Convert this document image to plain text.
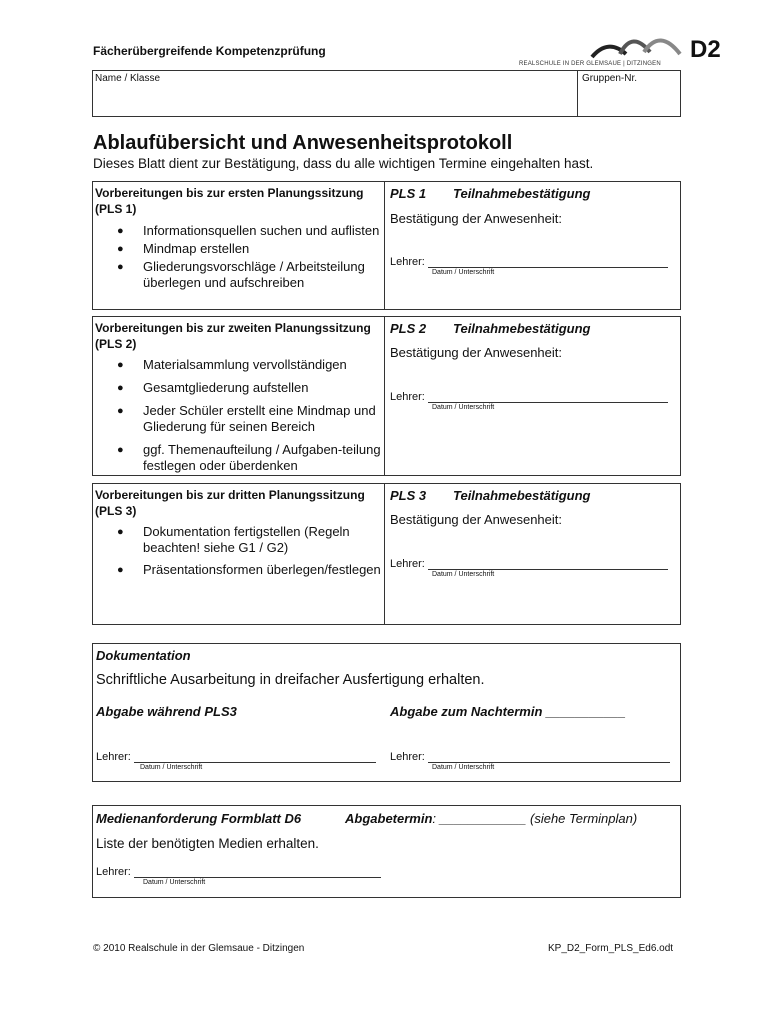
Fächerübergreifende Kompetenzprüfung
REALSCHULE IN DER GLEMSAUE | DITZINGEN
D2
Name / Klasse	Gruppen-Nr.
Ablaufübersicht und Anwesenheitsprotokoll
Dieses Blatt dient zur Bestätigung, dass du alle wichtigen Termine eingehalten hast.
Vorbereitungen bis zur ersten Planungssitzung (PLS 1)
● Informationsquellen suchen und auflisten
● Mindmap erstellen
● Gliederungsvorschläge / Arbeitsteilung überlegen und aufschreiben
PLS 1 Teilnahmebestätigung
Bestätigung der Anwesenheit:
Lehrer:
Datum / Unterschrift
Vorbereitungen bis zur zweiten Planungssitzung (PLS 2)
● Materialsammlung vervollständigen
● Gesamtgliederung aufstellen
● Jeder Schüler erstellt eine Mindmap und Gliederung für seinen Bereich
● ggf. Themenaufteilung / Aufgaben-teilung festlegen oder überdenken
PLS 2 Teilnahmebestätigung
Bestätigung der Anwesenheit:
Lehrer:
Datum / Unterschrift
Vorbereitungen bis zur dritten Planungssitzung (PLS 3)
● Dokumentation fertigstellen (Regeln beachten! siehe G1 / G2)
● Präsentationsformen überlegen/festlegen
PLS 3 Teilnahmebestätigung
Bestätigung der Anwesenheit:
Lehrer:
Datum / Unterschrift
Dokumentation
Schriftliche Ausarbeitung in dreifacher Ausfertigung erhalten.
Abgabe während PLS3	Abgabe zum Nachtermin ___________
Lehrer:
Datum / Unterschrift
Lehrer:
Datum / Unterschrift
Medienanforderung Formblatt D6	Abgabetermin: ____________ (siehe Terminplan)
Liste der benötigten Medien erhalten.
Lehrer:
Datum / Unterschrift
© 2010 Realschule in der Glemsaue - Ditzingen	KP_D2_Form_PLS_Ed6.odt
